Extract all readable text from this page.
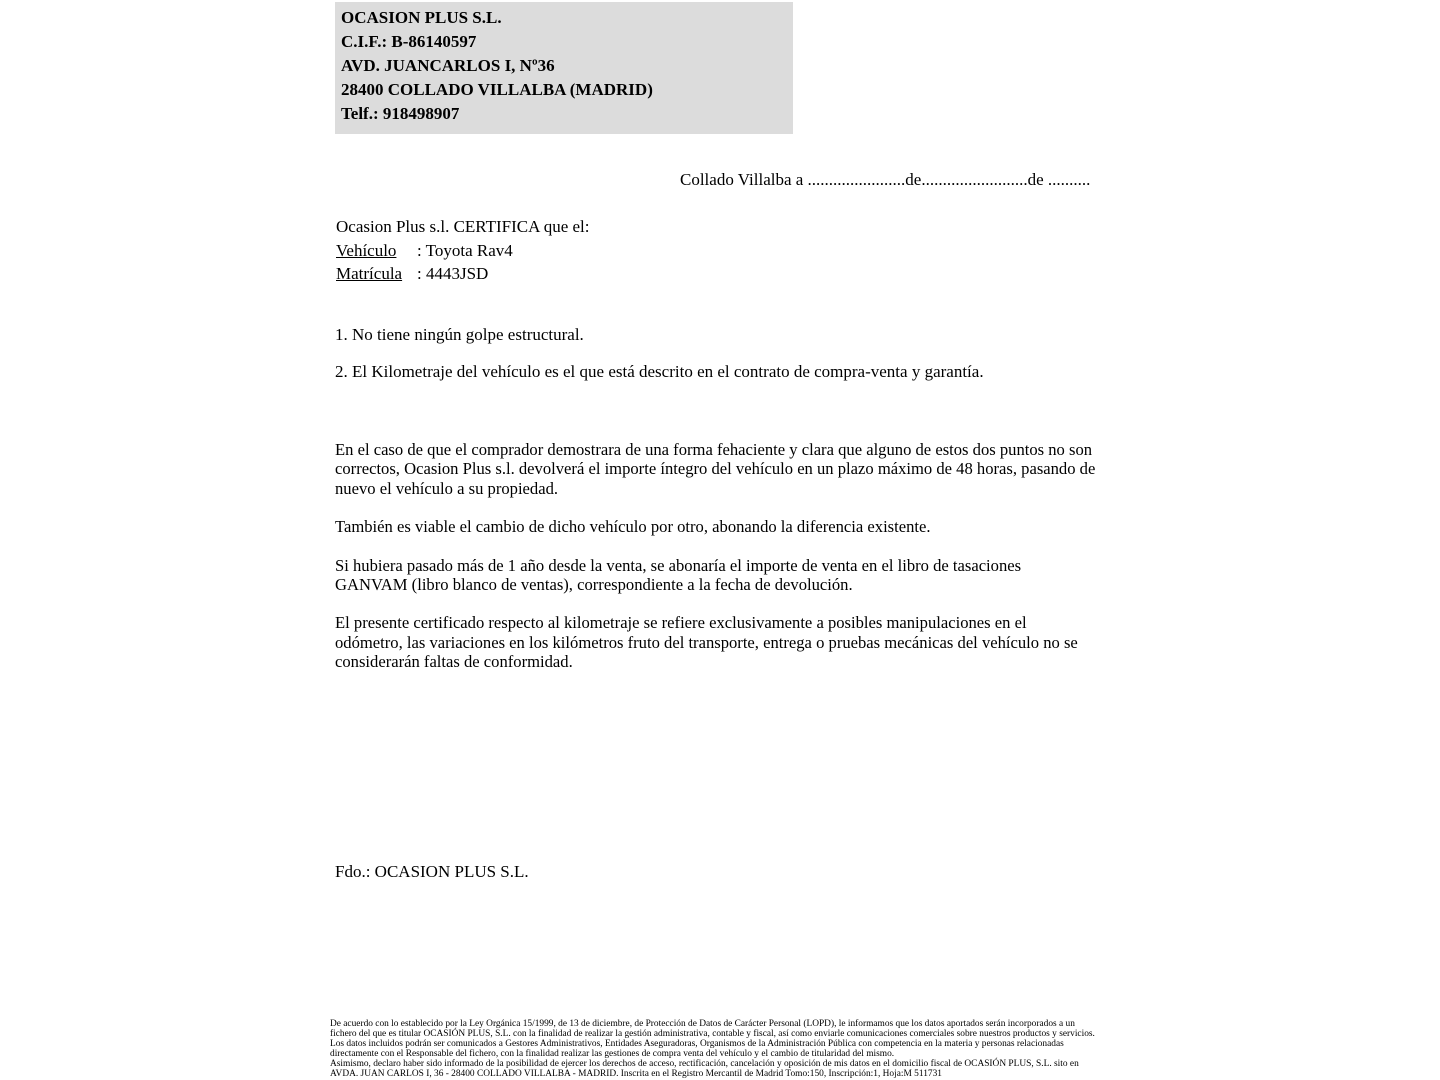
OCASION PLUS S.L.
C.I.F.: B-86140597
AVD. JUANCARLOS I, Nº36
28400 COLLADO VILLALBA (MADRID)
Telf.: 918498907
Collado Villalba a .......................de.........................de ..........
Ocasion Plus s.l. CERTIFICA que el:
Vehículo : Toyota Rav4
Matrícula : 4443JSD

1. No tiene ningún golpe estructural.

2. El Kilometraje del vehículo es el que está descrito en el contrato de compra-venta y garantía.

En el caso de que el comprador demostrara de una forma fehaciente y clara que alguno de estos dos puntos no son correctos, Ocasion Plus s.l. devolverá el importe íntegro del vehículo en un plazo máximo de 48 horas, pasando de nuevo el vehículo a su propiedad.

También es viable el cambio de dicho vehículo por otro, abonando la diferencia existente.

Si hubiera pasado más de 1 año desde la venta, se abonaría el importe de venta en el libro de tasaciones GANVAM (libro blanco de ventas), correspondiente a la fecha de devolución.

El presente certificado respecto al kilometraje se refiere exclusivamente a posibles manipulaciones en el odómetro, las variaciones en los kilómetros fruto del transporte, entrega o pruebas mecánicas del vehículo no se considerarán faltas de conformidad.

Fdo.: OCASION PLUS S.L.

De acuerdo con lo establecido por la Ley Orgánica 15/1999, de 13 de diciembre, de Protección de Datos de Carácter Personal (LOPD), le informamos que los datos aportados serán incorporados a un fichero del que es titular OCASIÓN PLUS, S.L. con la finalidad de realizar la gestión administrativa, contable y fiscal, así como enviarle comunicaciones comerciales sobre nuestros productos y servicios.

Los datos incluidos podrán ser comunicados a Gestores Administrativos, Entidades Aseguradoras, Organismos de la Administración Pública con competencia en la materia y personas relacionadas directamente con el Responsable del fichero, con la finalidad realizar las gestiones de compra venta del vehículo y el cambio de titularidad del mismo.

Asimismo, declaro haber sido informado de la posibilidad de ejercer los derechos de acceso, rectificación, cancelación y oposición de mis datos en el domicilio fiscal de OCASIÓN PLUS, S.L. sito en AVDA. JUAN CARLOS I, 36 - 28400 COLLADO VILLALBA - MADRID. Inscrita en el Registro Mercantil de Madrid Tomo:150, Inscripción:1, Hoja:M 511731
